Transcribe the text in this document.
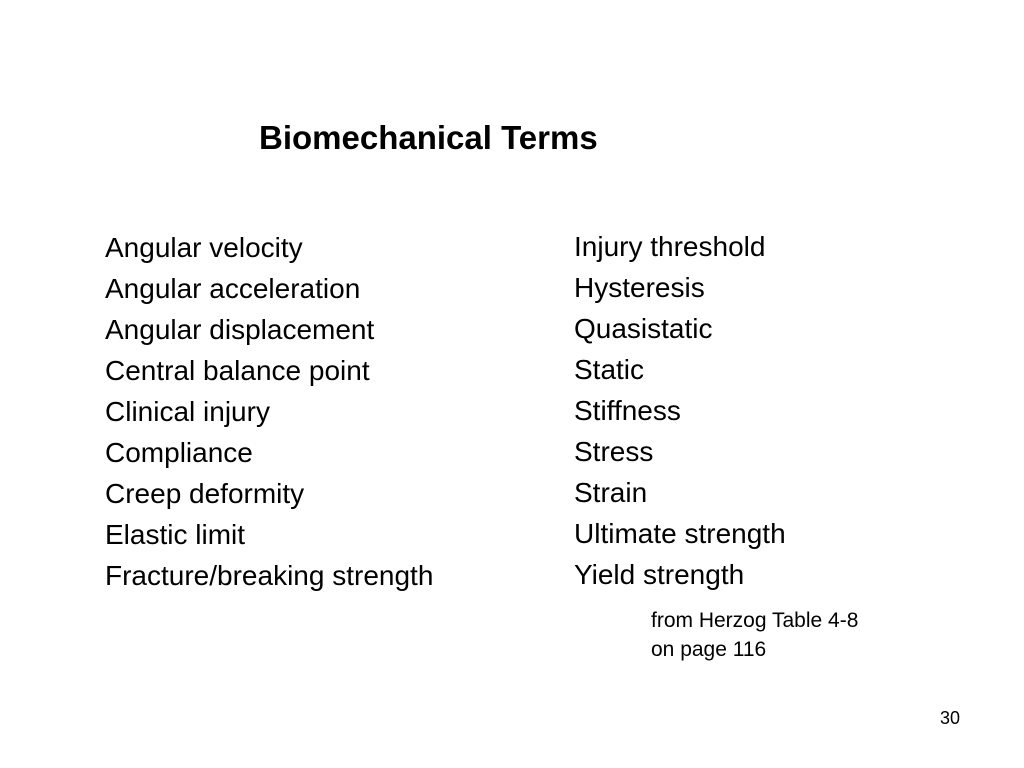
Biomechanical Terms
Angular velocity
Angular acceleration
Angular displacement
Central balance point
Clinical injury
Compliance
Creep deformity
Elastic limit
Fracture/breaking strength
Injury threshold
Hysteresis
Quasistatic
Static
Stiffness
Stress
Strain
Ultimate strength
Yield strength
from Herzog Table 4-8
on page 116
30
